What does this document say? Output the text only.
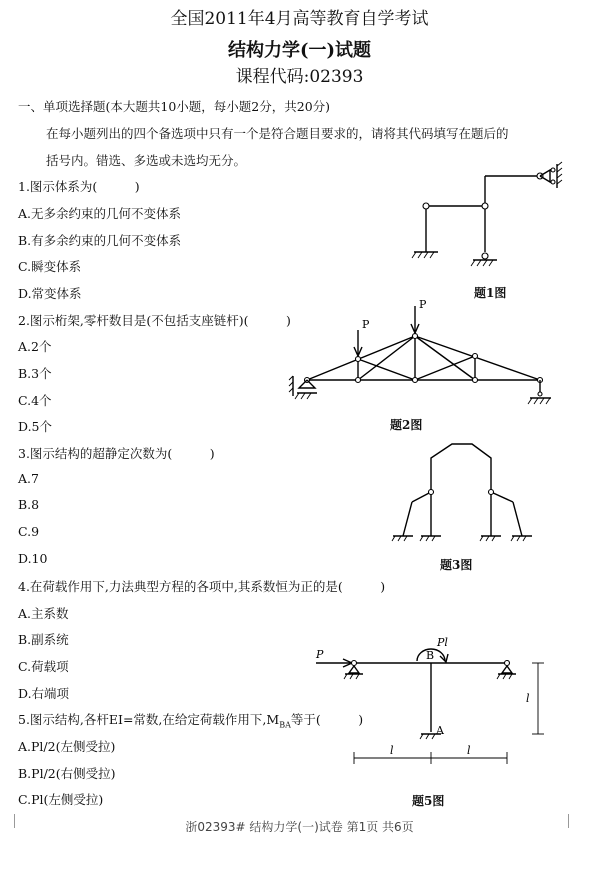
全国2011年4月高等教育自学考试
结构力学(一)试题
课程代码:02393
一、单项选择题(本大题共10小题，每小题2分，共20分)
在每小题列出的四个备选项中只有一个是符合题目要求的，请将其代码填写在题后的
括号内。错选、多选或未选均无分。
1.图示体系为(　　　)
A.无多余约束的几何不变体系
B.有多余约束的几何不变体系
C.瞬变体系
D.常变体系
2.图示桁架,零杆数目是(不包括支座链杆)(　　　)
A.2个
B.3个
C.4个
D.5个
3.图示结构的超静定次数为(　　　)
A.7
B.8
C.9
D.10
4.在荷载作用下,力法典型方程的各项中,其系数恒为正的是(　　　)
A.主系数
B.副系统
C.荷载项
D.右端项
5.图示结构,各杆EI=常数,在给定荷载作用下$,M_{BA}$等于(　　　)
A.Pl/2(左侧受拉)
B.Pl/2(右侧受拉)
C.Pl(左侧受拉)
题1图
P
P
题2图
题3图
P
Pl
B
A
l	l
l
题5图
浙02393# 结构力学(一)试卷 第1页 共6页
